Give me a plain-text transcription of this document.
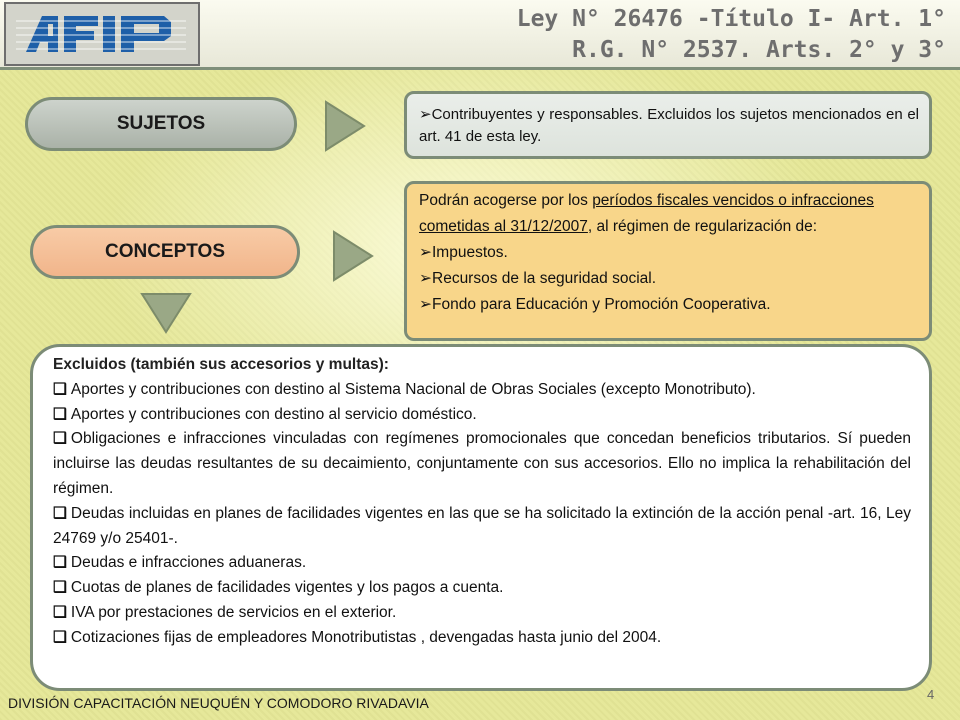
Ley N° 26476 -Título I- Art. 1°
R.G. N° 2537. Arts. 2° y 3°
SUJETOS	➢Contribuyentes y responsables. Excluidos los sujetos mencionados en el art. 41 de esta ley.
CONCEPTOS
Podrán acogerse por los períodos fiscales vencidos o infracciones cometidas al 31/12/2007, al régimen de regularización de:
➢Impuestos.
➢Recursos de la seguridad social.
➢Fondo para Educación y Promoción Cooperativa.
Excluidos (también sus accesorios y multas):

❑ Aportes y contribuciones con destino al Sistema Nacional de Obras Sociales (excepto Monotributo).

❑ Aportes y contribuciones con destino al servicio doméstico.

❑ Obligaciones e infracciones vinculadas con regímenes promocionales que concedan beneficios tributarios. Sí pueden incluirse las deudas resultantes de su decaimiento, conjuntamente con sus accesorios. Ello no implica la rehabilitación del régimen.

❑ Deudas incluidas en planes de facilidades vigentes en las que se ha solicitado la extinción de la acción penal -art. 16, Ley 24769 y/o 25401-.

❑ Deudas e infracciones aduaneras.

❑ Cuotas de planes de facilidades vigentes y los pagos a cuenta.

❑ IVA por prestaciones de servicios en el exterior.

❑ Cotizaciones fijas de empleadores Monotributistas , devengadas hasta junio del 2004.

DIVISIÓN CAPACITACIÓN NEUQUÉN Y COMODORO RIVADAVIA
4
